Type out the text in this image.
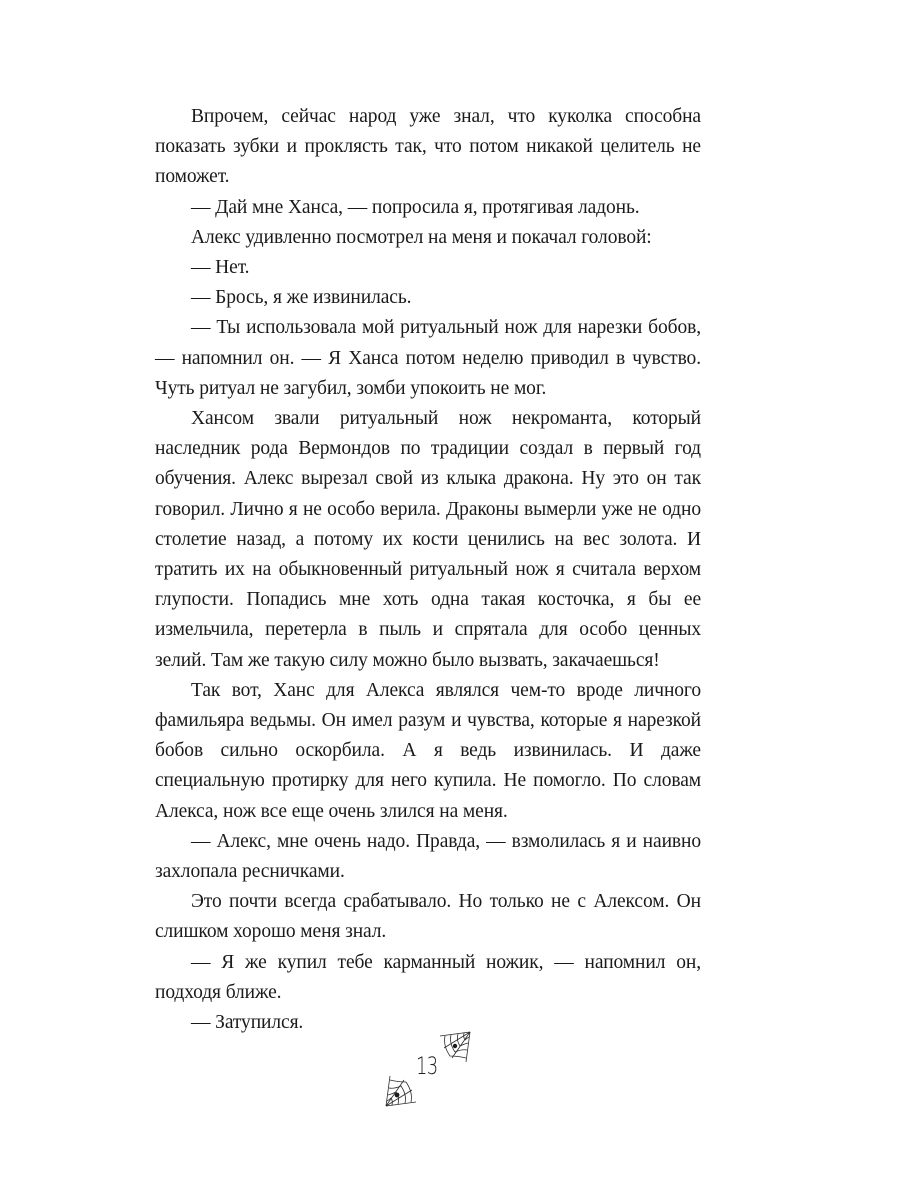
Впрочем, сейчас народ уже знал, что куколка способна показать зубки и проклясть так, что потом никакой целитель не поможет.

— Дай мне Ханса, — попросила я, протягивая ладонь.

Алекс удивленно посмотрел на меня и покачал головой:

— Нет.

— Брось, я же извинилась.

— Ты использовала мой ритуальный нож для нарезки бобов, — напомнил он. — Я Ханса потом неделю приводил в чувство. Чуть ритуал не загубил, зомби упокоить не мог.

Хансом звали ритуальный нож некроманта, который наследник рода Вермондов по традиции создал в первый год обучения. Алекс вырезал свой из клыка дракона. Ну это он так говорил. Лично я не особо верила. Драконы вымерли уже не одно столетие назад, а потому их кости ценились на вес золота. И тратить их на обыкновенный ритуальный нож я считала верхом глупости. Попадись мне хоть одна такая косточка, я бы ее измельчила, перетерла в пыль и спрятала для особо ценных зелий. Там же такую силу можно было вызвать, закачаешься!

Так вот, Ханс для Алекса являлся чем-то вроде личного фамильяра ведьмы. Он имел разум и чувства, которые я нарезкой бобов сильно оскорбила. А я ведь извинилась. И даже специальную протирку для него купила. Не помогло. По словам Алекса, нож все еще очень злился на меня.

— Алекс, мне очень надо. Правда, — взмолилась я и наивно захлопала ресничками.

Это почти всегда срабатывало. Но только не с Алексом. Он слишком хорошо меня знал.

— Я же купил тебе карманный ножик, — напомнил он, подходя ближе.

— Затупился.

13
